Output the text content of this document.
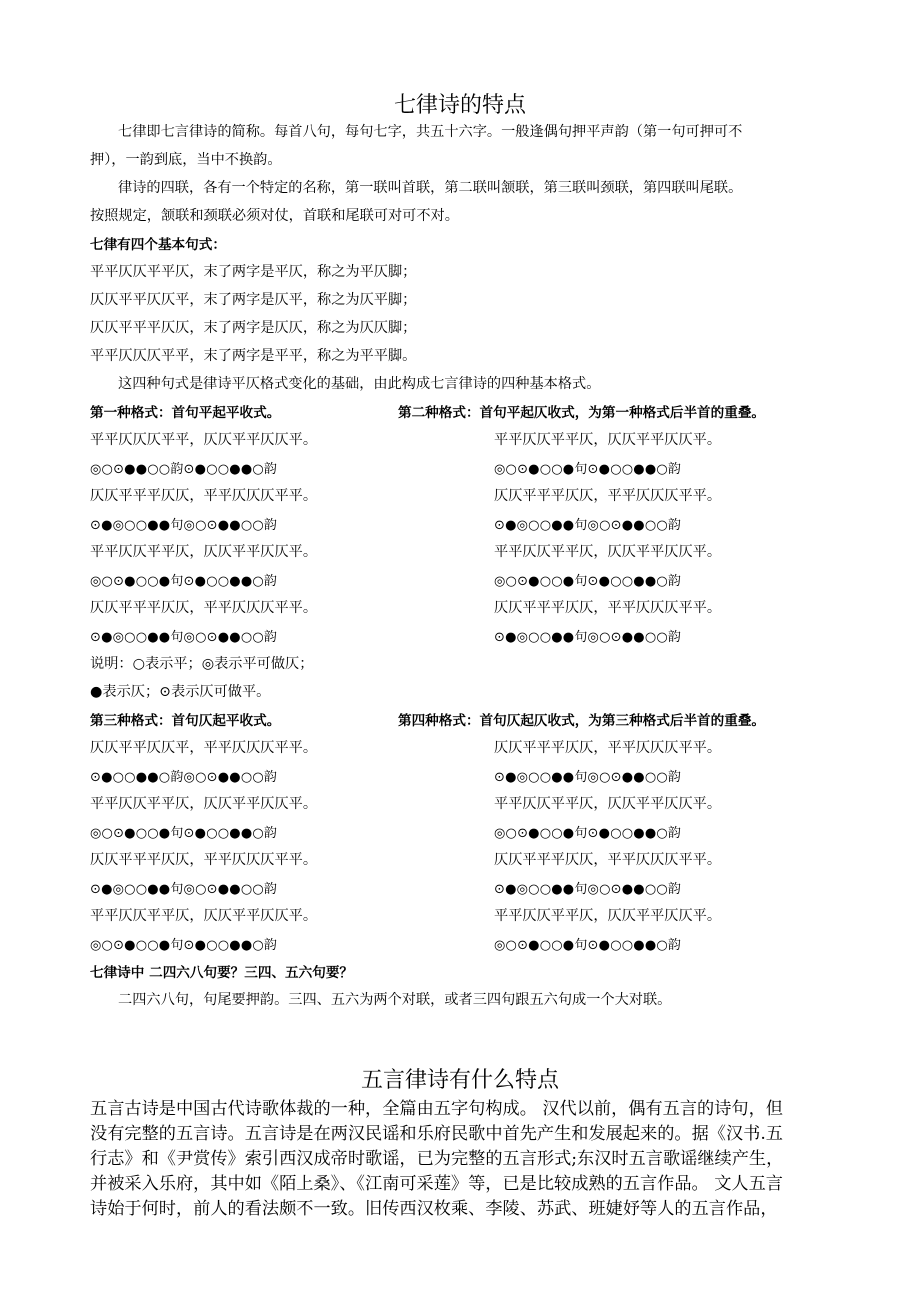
七律诗的特点
七律即七言律诗的简称。每首八句，每句七字，共五十六字。一般逢偶句押平声韵（第一句可押可不
押），一韵到底，当中不换韵。
律诗的四联，各有一个特定的名称，第一联叫首联，第二联叫颔联，第三联叫颈联，第四联叫尾联。
按照规定，颔联和颈联必须对仗，首联和尾联可对可不对。
七律有四个基本句式：
平平仄仄平平仄，末了两字是平仄，称之为平仄脚；
仄仄平平仄仄平，末了两字是仄平，称之为仄平脚；
仄仄平平平仄仄，末了两字是仄仄，称之为仄仄脚；
平平仄仄仄平平，末了两字是平平，称之为平平脚。
这四种句式是律诗平仄格式变化的基础，由此构成七言律诗的四种基本格式。
第一种格式：首句平起平收式。	第二种格式：首句平起仄收式，为第一种格式后半首的重叠。
平平仄仄仄平平，仄仄平平仄仄平。
◎○⊙●●○○韵⊙●○○●●○韵
仄仄平平平仄仄，平平仄仄仄平平。
⊙●◎○○●●句◎○⊙●●○○韵
平平仄仄平平仄，仄仄平平仄仄平。
◎○⊙●○○●句⊙●○○●●○韵
仄仄平平平仄仄，平平仄仄仄平平。
⊙●◎○○●●句◎○⊙●●○○韵
平平仄仄平平仄，仄仄平平仄仄平。
◎○⊙●○○●句⊙●○○●●○韵
仄仄平平平仄仄，平平仄仄仄平平。
⊙●◎○○●●句◎○⊙●●○○韵
平平仄仄平平仄，仄仄平平仄仄平。
◎○⊙●○○●句⊙●○○●●○韵
仄仄平平平仄仄，平平仄仄仄平平。
⊙●◎○○●●句◎○⊙●●○○韵
说明：○表示平；◎表示平可做仄；
●表示仄；⊙表示仄可做平。
第三种格式：首句仄起平收式。	第四种格式：首句仄起仄收式，为第三种格式后半首的重叠。
仄仄平平仄仄平，平平仄仄仄平平。
⊙●○○●●○韵◎○⊙●●○○韵
平平仄仄平平仄，仄仄平平仄仄平。
◎○⊙●○○●句⊙●○○●●○韵
仄仄平平平仄仄，平平仄仄仄平平。
⊙●◎○○●●句◎○⊙●●○○韵
平平仄仄平平仄，仄仄平平仄仄平。
◎○⊙●○○●句⊙●○○●●○韵
仄仄平平平仄仄，平平仄仄仄平平。
⊙●◎○○●●句◎○⊙●●○○韵
平平仄仄平平仄，仄仄平平仄仄平。
◎○⊙●○○●句⊙●○○●●○韵
仄仄平平平仄仄，平平仄仄仄平平。
⊙●◎○○●●句◎○⊙●●○○韵
平平仄仄平平仄，仄仄平平仄仄平。
◎○⊙●○○●句⊙●○○●●○韵
七律诗中 二四六八句要？三四、五六句要？
二四六八句，句尾要押韵。三四、五六为两个对联，或者三四句跟五六句成一个大对联。
五言律诗有什么特点
五言古诗是中国古代诗歌体裁的一种，全篇由五字句构成。 汉代以前，偶有五言的诗句，但
没有完整的五言诗。五言诗是在两汉民谣和乐府民歌中首先产生和发展起来的。据《汉书.五
行志》和《尹赏传》索引西汉成帝时歌谣，已为完整的五言形式;东汉时五言歌谣继续产生，
并被采入乐府，其中如《陌上桑》、《江南可采莲》等，已是比较成熟的五言作品。 文人五言
诗始于何时，前人的看法颇不一致。旧传西汉枚乘、李陵、苏武、班婕妤等人的五言作品，
